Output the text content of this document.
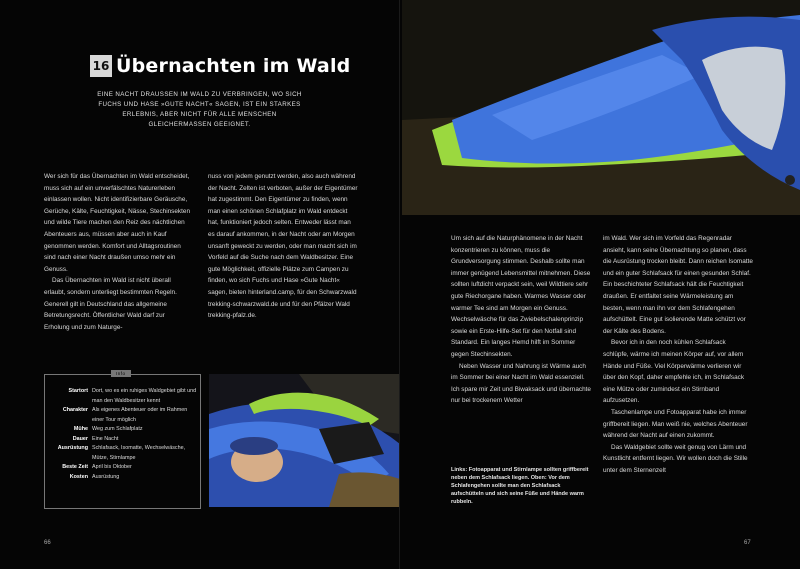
16 Übernachten im Wald
EINE NACHT DRAUSSEN IM WALD ZU VERBRINGEN, WO SICH FUCHS UND HASE »GUTE NACHT« SAGEN, IST EIN STARKES ERLEBNIS, ABER NICHT FÜR ALLE MENSCHEN GLEICHERMASSEN GEEIGNET.

Wer sich für das Übernachten im Wald entscheidet, muss sich auf ein unverfälschtes Naturerleben einlassen wollen. Nicht identifizierbare Geräusche, Gerüche, Kälte, Feuchtigkeit, Nässe, Stechinsekten und wilde Tiere machen den Reiz des nächtlichen Abenteuers aus, müssen aber auch in Kauf genommen werden. Komfort und Alltagsroutinen sind nach einer Nacht draußen umso mehr ein Genuss.

Das Übernachten im Wald ist nicht überall erlaubt, sondern unterliegt bestimmten Regeln. Generell gilt in Deutschland das allgemeine Betretungsrecht. Öffentlicher Wald darf zur Erholung und zum Naturge-

nuss von jedem genutzt werden, also auch während der Nacht. Zelten ist verboten, außer der Eigentümer hat zugestimmt. Den Eigentümer zu finden, wenn man einen schönen Schlafplatz im Wald entdeckt hat, funktioniert jedoch selten. Entweder lässt man es darauf ankommen, in der Nacht oder am Morgen unsanft geweckt zu werden, oder man macht sich im Vorfeld auf die Suche nach dem Waldbesitzer. Eine gute Möglichkeit, offizielle Plätze zum Campen zu finden, wo sich Fuchs und Hase »Gute Nacht« sagen, bieten hinterland.camp, für den Schwarzwald trekking-schwarzwald.de und für den Pfälzer Wald trekking-pfalz.de.

Info
Startort Dort, wo es ein ruhiges Waldgebiet gibt und man den Waldbesitzer kennt
Charakter Als eigenes Abenteuer oder im Rahmen einer Tour möglich
Mühe Weg zum Schlafplatz
Dauer Eine Nacht
Ausrüstung Schlafsack, Isomatte, Wechselwäsche, Mütze, Stirnlampe
Beste Zeit April bis Oktober
Kosten Ausrüstung
66	67

Um sich auf die Naturphänomene in der Nacht konzentrieren zu können, muss die Grundversorgung stimmen. Deshalb sollte man immer genügend Lebensmittel mitnehmen. Diese sollten luftdicht verpackt sein, weil Wildtiere sehr gute Riechorgane haben. Warmes Wasser oder warmer Tee sind am Morgen ein Genuss. Wechselwäsche für das Zwiebelschalenprinzip sowie ein Erste-Hilfe-Set für den Notfall sind Standard. Ein langes Hemd hilft im Sommer gegen Stechinsekten.

Neben Wasser und Nahrung ist Wärme auch im Sommer bei einer Nacht im Wald essenziell. Ich spare mir Zeit und Biwaksack und übernachte nur bei trockenem Wetter

Links: Fotoapparat und Stirnlampe sollten griffbereit neben dem Schlafsack liegen. Oben: Vor dem Schlafengehen sollte man den Schlafsack aufschütteln und sich seine Füße und Hände warm rubbeln.

im Wald. Wer sich im Vorfeld das Regenradar ansieht, kann seine Übernachtung so planen, dass die Ausrüstung trocken bleibt. Dann reichen Isomatte und ein guter Schlafsack für einen gesunden Schlaf. Ein beschichteter Schlafsack hält die Feuchtigkeit draußen. Er entfaltet seine Wärmeleistung am besten, wenn man ihn vor dem Schlafengehen aufschüttelt. Eine gut isolierende Matte schützt vor der Kälte des Bodens.

Bevor ich in den noch kühlen Schlafsack schlüpfe, wärme ich meinen Körper auf, vor allem Hände und Füße. Viel Körperwärme verlieren wir über den Kopf, daher empfehle ich, im Schlafsack eine Mütze oder zumindest ein Stirnband aufzusetzen.

Taschenlampe und Fotoapparat habe ich immer griffbereit liegen. Man weiß nie, welches Abenteuer während der Nacht auf einen zukommt.

Das Waldgebiet sollte weit genug von Lärm und Kunstlicht entfernt liegen. Wir wollen doch die Stille unter dem Sternenzelt
